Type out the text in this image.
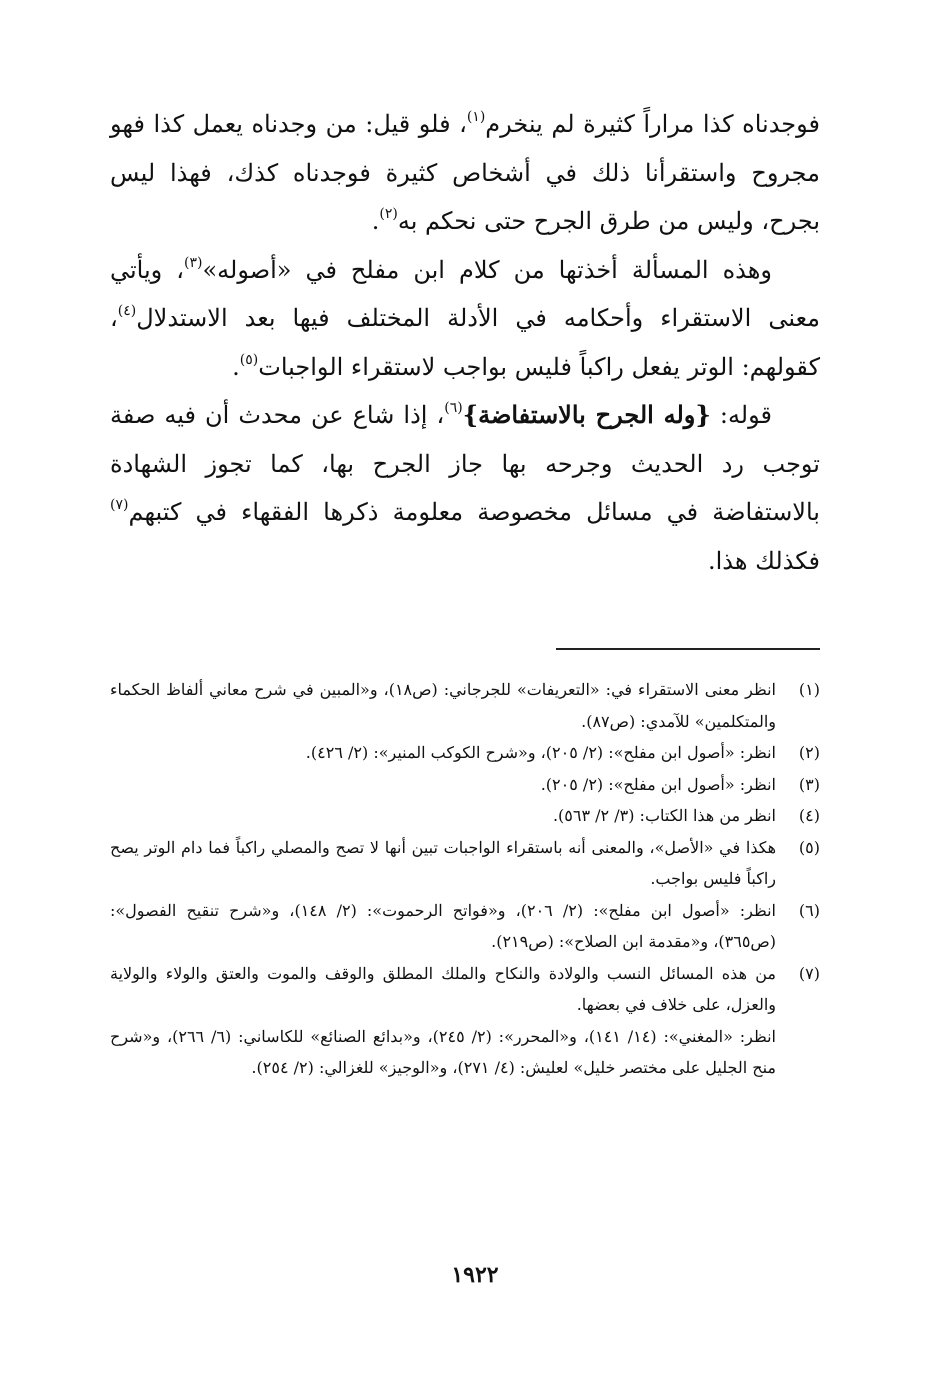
فوجدناه كذا مراراً كثيرة لم ينخرم$^{(١)}$، فلو قيل: من وجدناه يعمل كذا فهو مجروح واستقرأنا ذلك في أشخاص كثيرة فوجدناه كذك، فهذا ليس بجرح، وليس من طرق الجرح حتى نحكم به$^{(٢)}$.

وهذه المسألة أخذتها من كلام ابن مفلح في «أصوله»$^{(٣)}$، ويأتي معنى الاستقراء وأحكامه في الأدلة المختلف فيها بعد الاستدلال$^{(٤)}$، كقولهم: الوتر يفعل راكباً فليس بواجب لاستقراء الواجبات$^{(٥)}$.

قوله: {وله الجرح بالاستفاضة}$^{(٦)}$، إذا شاع عن محدث أن فيه صفة توجب رد الحديث وجرحه بها جاز الجرح بها، كما تجوز الشهادة بالاستفاضة في مسائل مخصوصة معلومة ذكرها الفقهاء في كتبهم$^{(٧)}$ فكذلك هذا.

(١)
انظر معنى الاستقراء في: «التعريفات» للجرجاني: (ص١٨)، و«المبين في شرح معاني ألفاظ الحكماء والمتكلمين» للآمدي: (ص٨٧).
(٢)
انظر: «أصول ابن مفلح»: (٢/ ٢٠٥)، و«شرح الكوكب المنير»: (٢/ ٤٢٦).
(٣)
انظر: «أصول ابن مفلح»: (٢/ ٢٠٥).
(٤)
انظر من هذا الكتاب: (٣/ ٢/ ٥٦٣).
(٥)
هكذا في «الأصل»، والمعنى أنه باستقراء الواجبات تبين أنها لا تصح والمصلي راكباً فما دام الوتر يصح راكباً فليس بواجب.
(٦)
انظر: «أصول ابن مفلح»: (٢/ ٢٠٦)، و«فواتح الرحموت»: (٢/ ١٤٨)، و«شرح تنقيح الفصول»: (ص٣٦٥)، و«مقدمة ابن الصلاح»: (ص٢١٩).
(٧)
من هذه المسائل النسب والولادة والنكاح والملك المطلق والوقف والموت والعتق والولاء والولاية والعزل، على خلاف في بعضها.
انظر: «المغني»: (١٤/ ١٤١)، و«المحرر»: (٢/ ٢٤٥)، و«بدائع الصنائع» للكاساني: (٦/ ٢٦٦)، و«شرح منح الجليل على مختصر خليل» لعليش: (٤/ ٢٧١)، و«الوجيز» للغزالي: (٢/ ٢٥٤).
١٩٢٢
